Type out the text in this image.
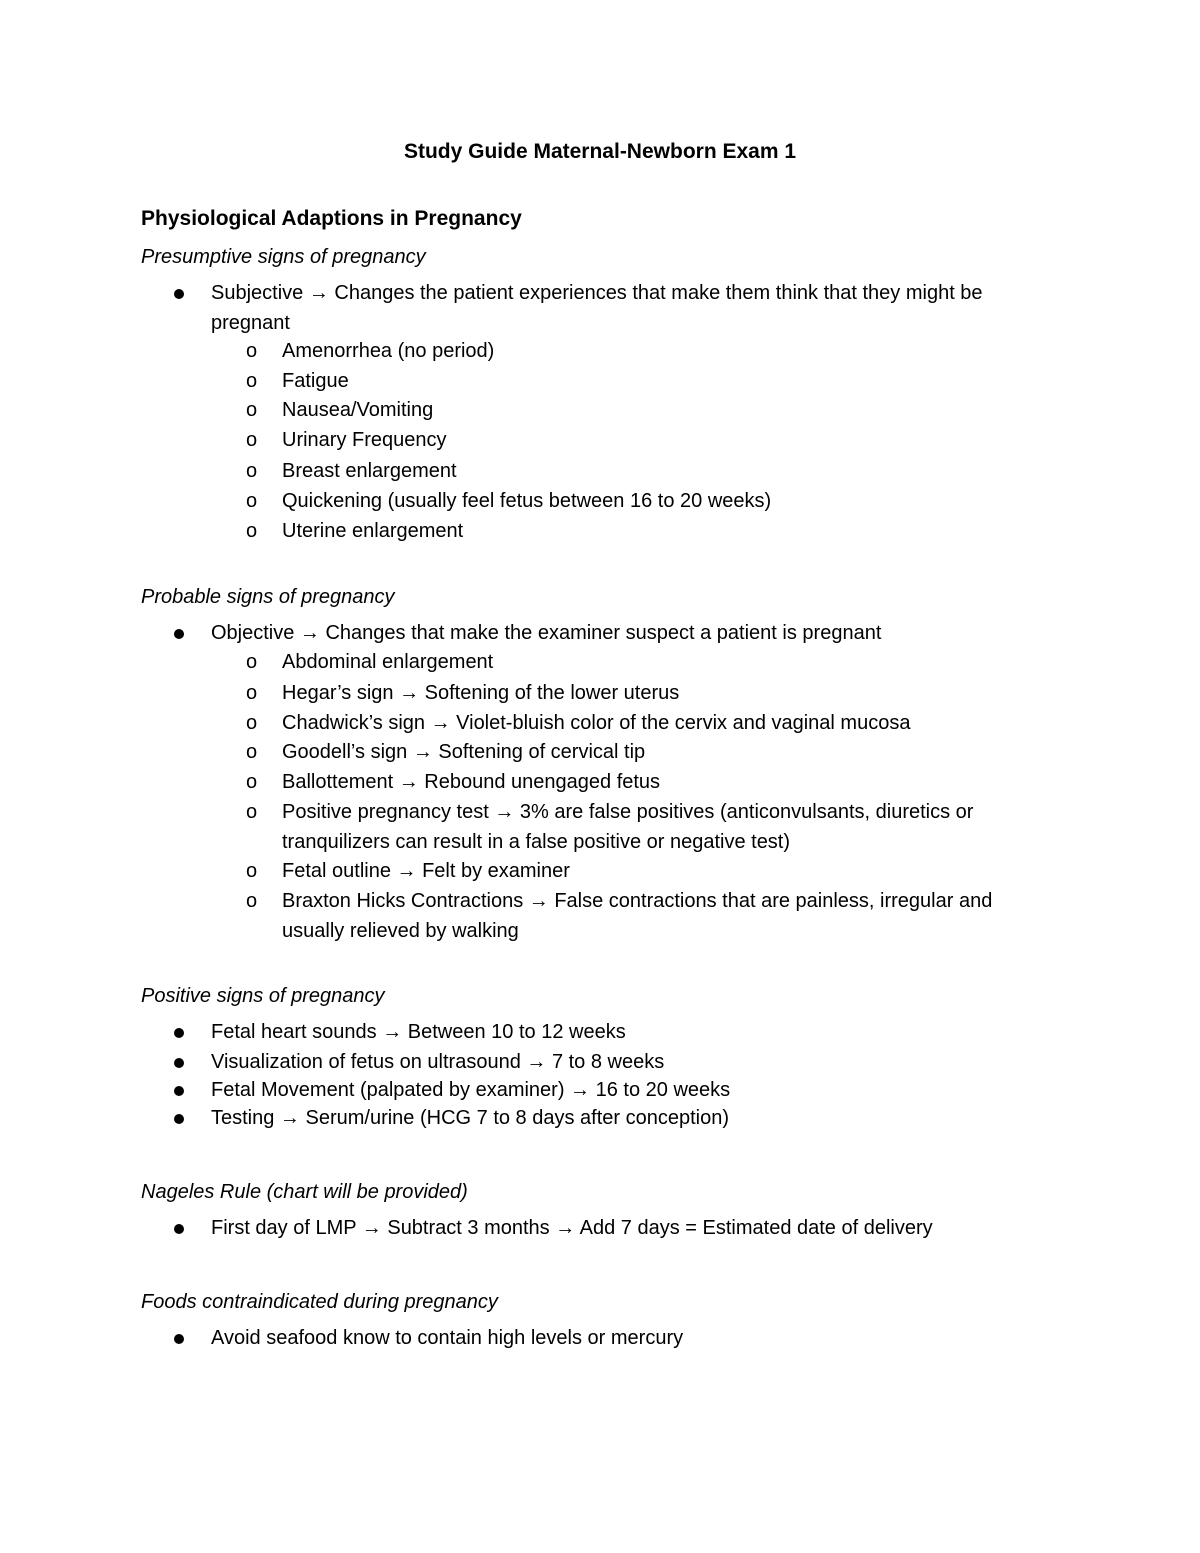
Study Guide Maternal-Newborn Exam 1
Physiological Adaptions in Pregnancy
Presumptive signs of pregnancy
Subjective → Changes the patient experiences that make them think that they might be
pregnant
o Amenorrhea (no period)
o Fatigue
o Nausea/Vomiting
o Urinary Frequency
o Breast enlargement
o Quickening (usually feel fetus between 16 to 20 weeks)
o Uterine enlargement
Probable signs of pregnancy
Objective → Changes that make the examiner suspect a patient is pregnant
o Abdominal enlargement
o Hegar’s sign → Softening of the lower uterus
o Chadwick’s sign → Violet-bluish color of the cervix and vaginal mucosa
o Goodell’s sign → Softening of cervical tip
o Ballottement → Rebound unengaged fetus
o Positive pregnancy test → 3% are false positives (anticonvulsants, diuretics or
tranquilizers can result in a false positive or negative test)
o Fetal outline → Felt by examiner
o Braxton Hicks Contractions → False contractions that are painless, irregular and
usually relieved by walking
Positive signs of pregnancy
Fetal heart sounds → Between 10 to 12 weeks
Visualization of fetus on ultrasound → 7 to 8 weeks
Fetal Movement (palpated by examiner) → 16 to 20 weeks
Testing → Serum/urine (HCG 7 to 8 days after conception)
Nageles Rule (chart will be provided)
First day of LMP → Subtract 3 months → Add 7 days = Estimated date of delivery
Foods contraindicated during pregnancy
Avoid seafood know to contain high levels or mercury
